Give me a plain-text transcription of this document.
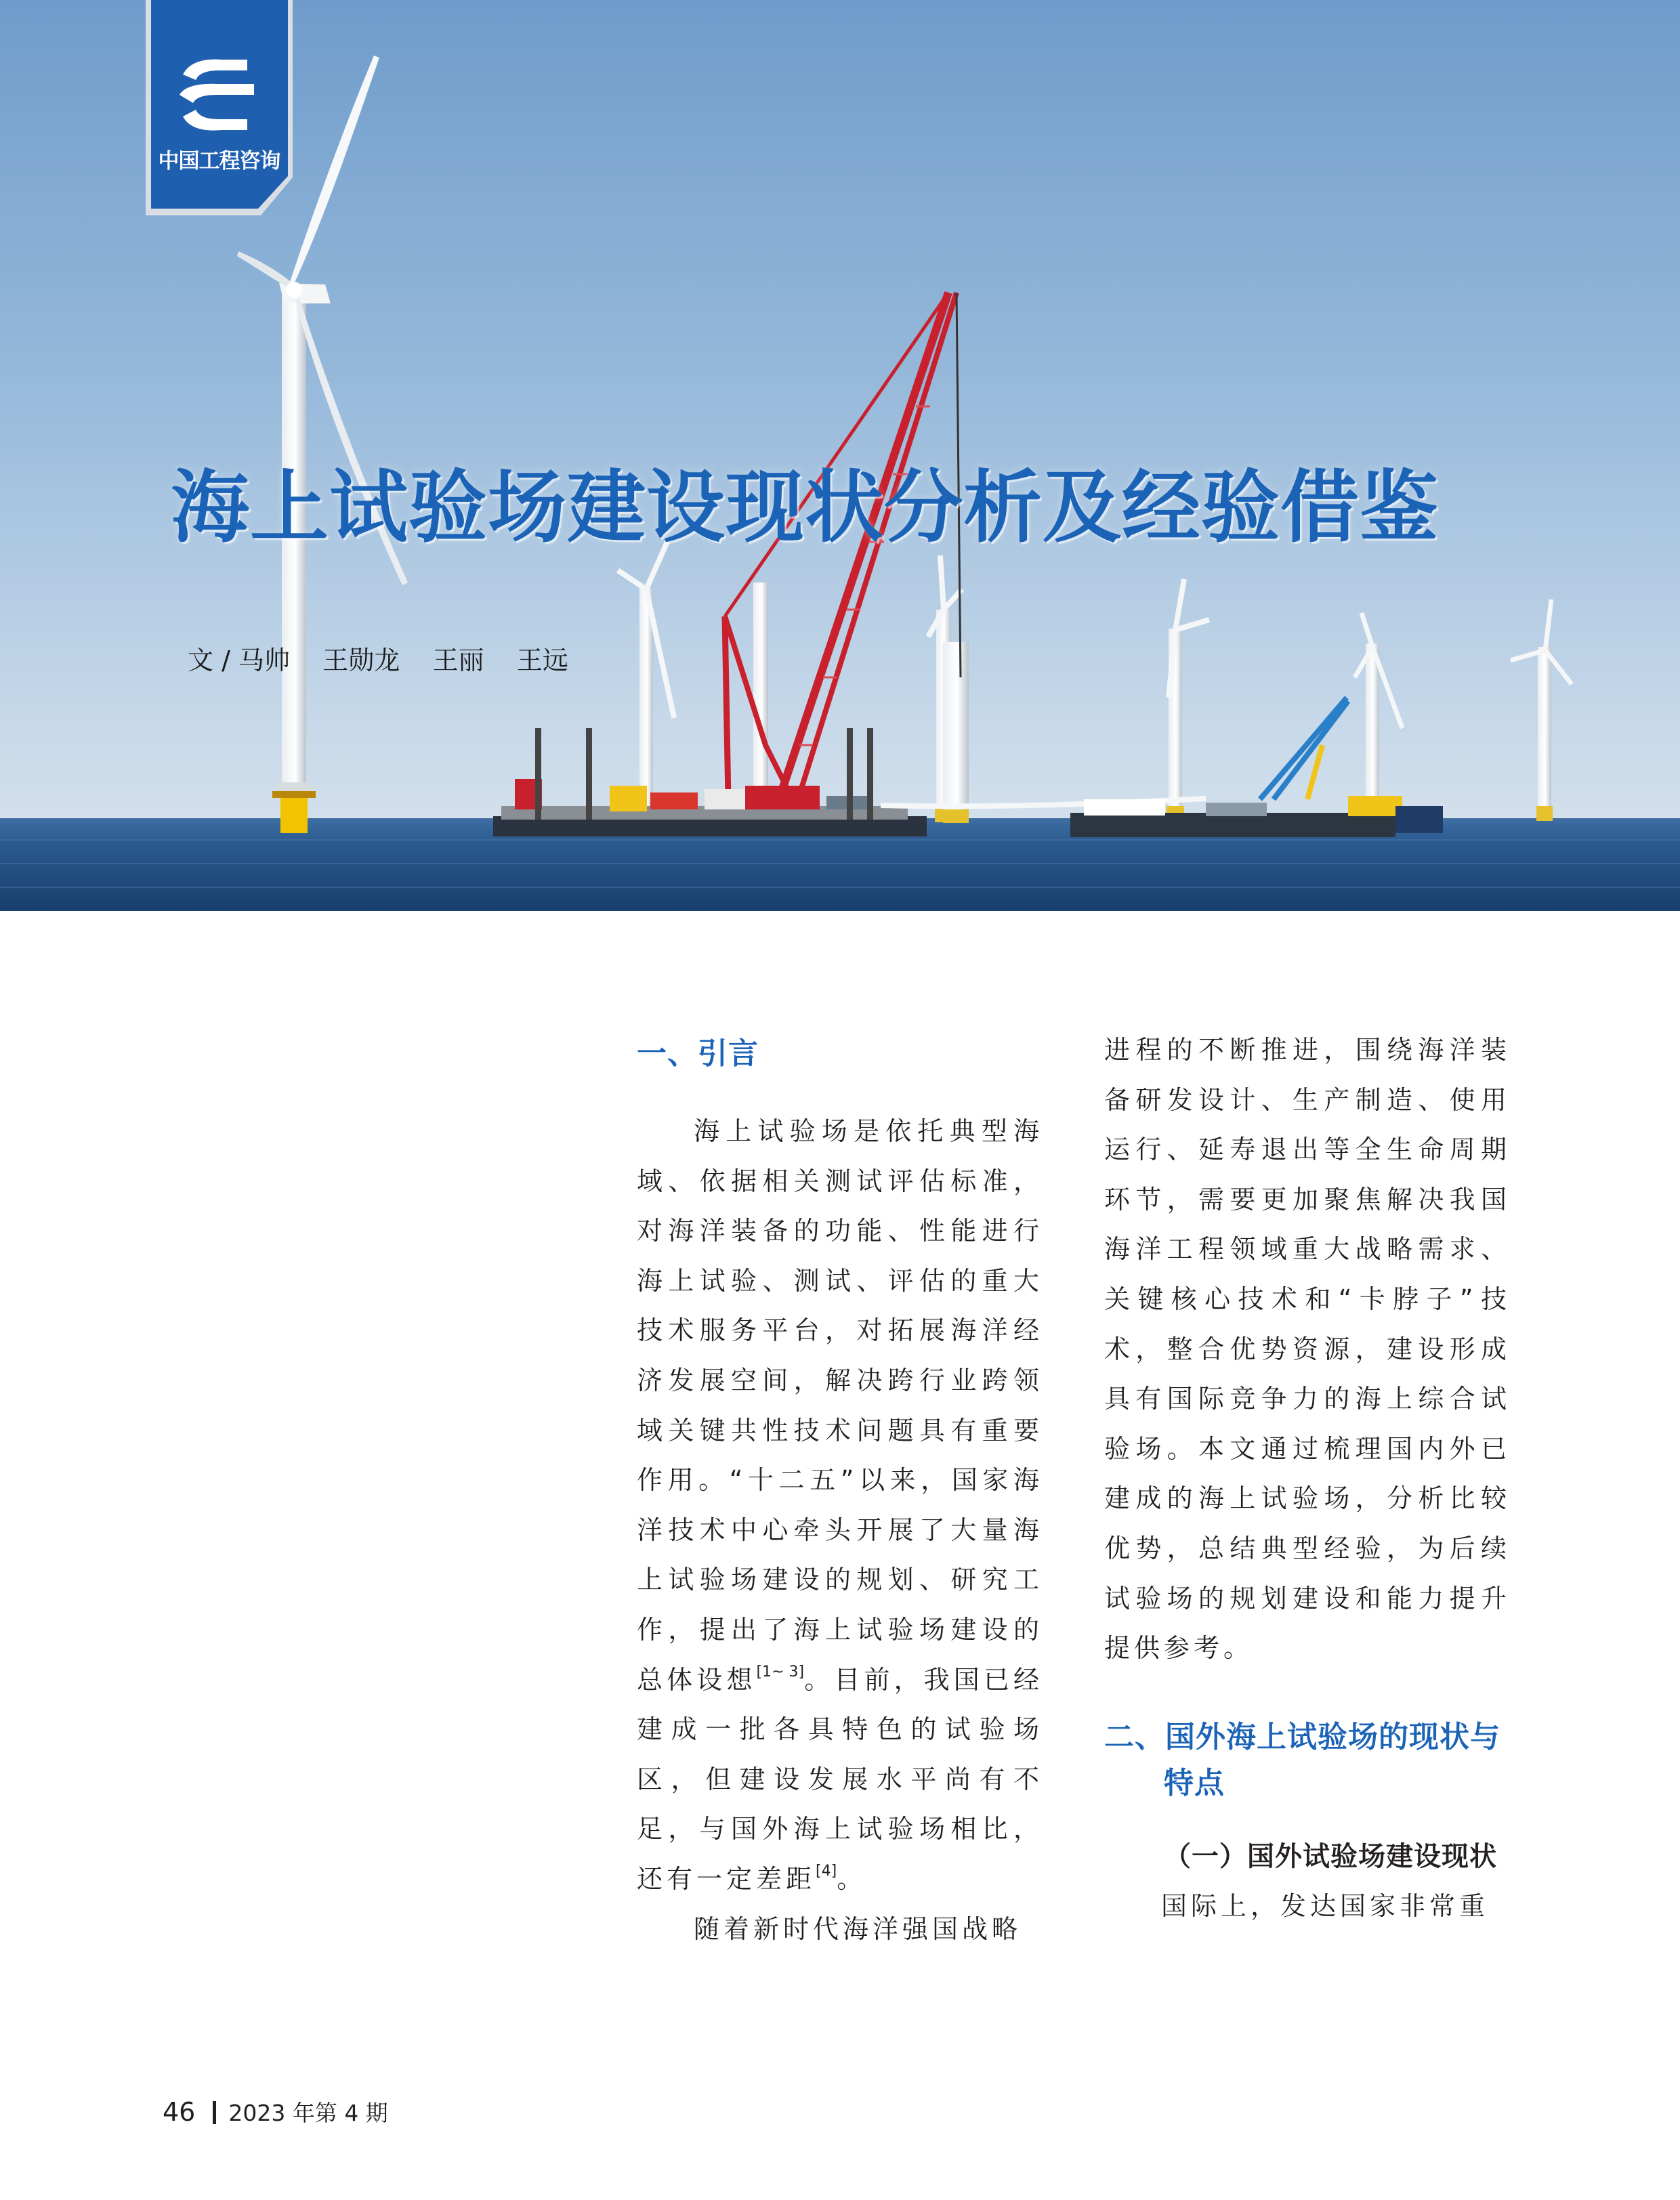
中国工程咨询
海上试验场建设现状分析及经验借鉴
文 / 马帅    王勋龙    王丽    王远
一、引言

海上试验场是依托典型海域、依据相关测试评估标准，对海洋装备的功能、性能进行海上试验、测试、评估的重大技术服务平台，对拓展海洋经济发展空间，解决跨行业跨领域关键共性技术问题具有重要作用。“十二五”以来，国家海洋技术中心牵头开展了大量海上试验场建设的规划、研究工作，提出了海上试验场建设的总体设想[1~ 3]。目前，我国已经建成一批各具特色的试验场区，但建设发展水平尚有不足，与国外海上试验场相比，还有一定差距[4]。

随着新时代海洋强国战略

进程的不断推进，围绕海洋装备研发设计、生产制造、使用运行、延寿退出等全生命周期环节，需要更加聚焦解决我国海洋工程领域重大战略需求、关键核心技术和“卡脖子”技术，整合优势资源，建设形成具有国际竞争力的海上综合试验场。本文通过梳理国内外已建成的海上试验场，分析比较优势，总结典型经验，为后续试验场的规划建设和能力提升提供参考。

二、国外海上试验场的现状与特点
（一）国外试验场建设现状

国际上，发达国家非常重

46 2023 年第 4 期
